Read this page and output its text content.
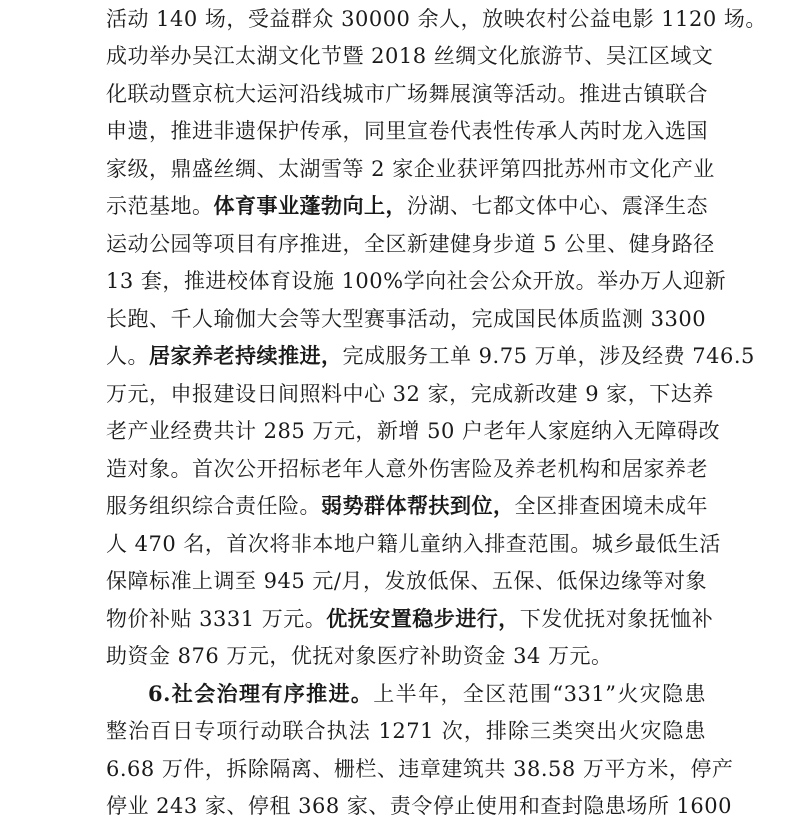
活动 140 场，受益群众 30000 余人，放映农村公益电影 1120 场。
成功举办吴江太湖文化节暨 2018 丝绸文化旅游节、吴江区域文
化联动暨京杭大运河沿线城市广场舞展演等活动。推进古镇联合
申遗，推进非遗保护传承，同里宣卷代表性传承人芮时龙入选国
家级，鼎盛丝绸、太湖雪等 2 家企业获评第四批苏州市文化产业
示范基地。体育事业蓬勃向上，汾湖、七都文体中心、震泽生态
运动公园等项目有序推进，全区新建健身步道 5 公里、健身路径
13 套，推进校体育设施 100%学向社会公众开放。举办万人迎新
长跑、千人瑜伽大会等大型赛事活动，完成国民体质监测 3300
人。居家养老持续推进，完成服务工单 9.75 万单，涉及经费 746.5
万元，申报建设日间照料中心 32 家，完成新改建 9 家，下达养
老产业经费共计 285 万元，新增 50 户老年人家庭纳入无障碍改
造对象。首次公开招标老年人意外伤害险及养老机构和居家养老
服务组织综合责任险。弱势群体帮扶到位，全区排查困境未成年
人 470 名，首次将非本地户籍儿童纳入排查范围。城乡最低生活
保障标准上调至 945 元/月，发放低保、五保、低保边缘等对象
物价补贴 3331 万元。优抚安置稳步进行，下发优抚对象抚恤补
助资金 876 万元，优抚对象医疗补助资金 34 万元。
6.社会治理有序推进。上半年，全区范围“331”火灾隐患
整治百日专项行动联合执法 1271 次，排除三类突出火灾隐患
6.68 万件，拆除隔离、栅栏、违章建筑共 38.58 万平方米，停产
停业 243 家、停租 368 家、责令停止使用和查封隐患场所 1600
